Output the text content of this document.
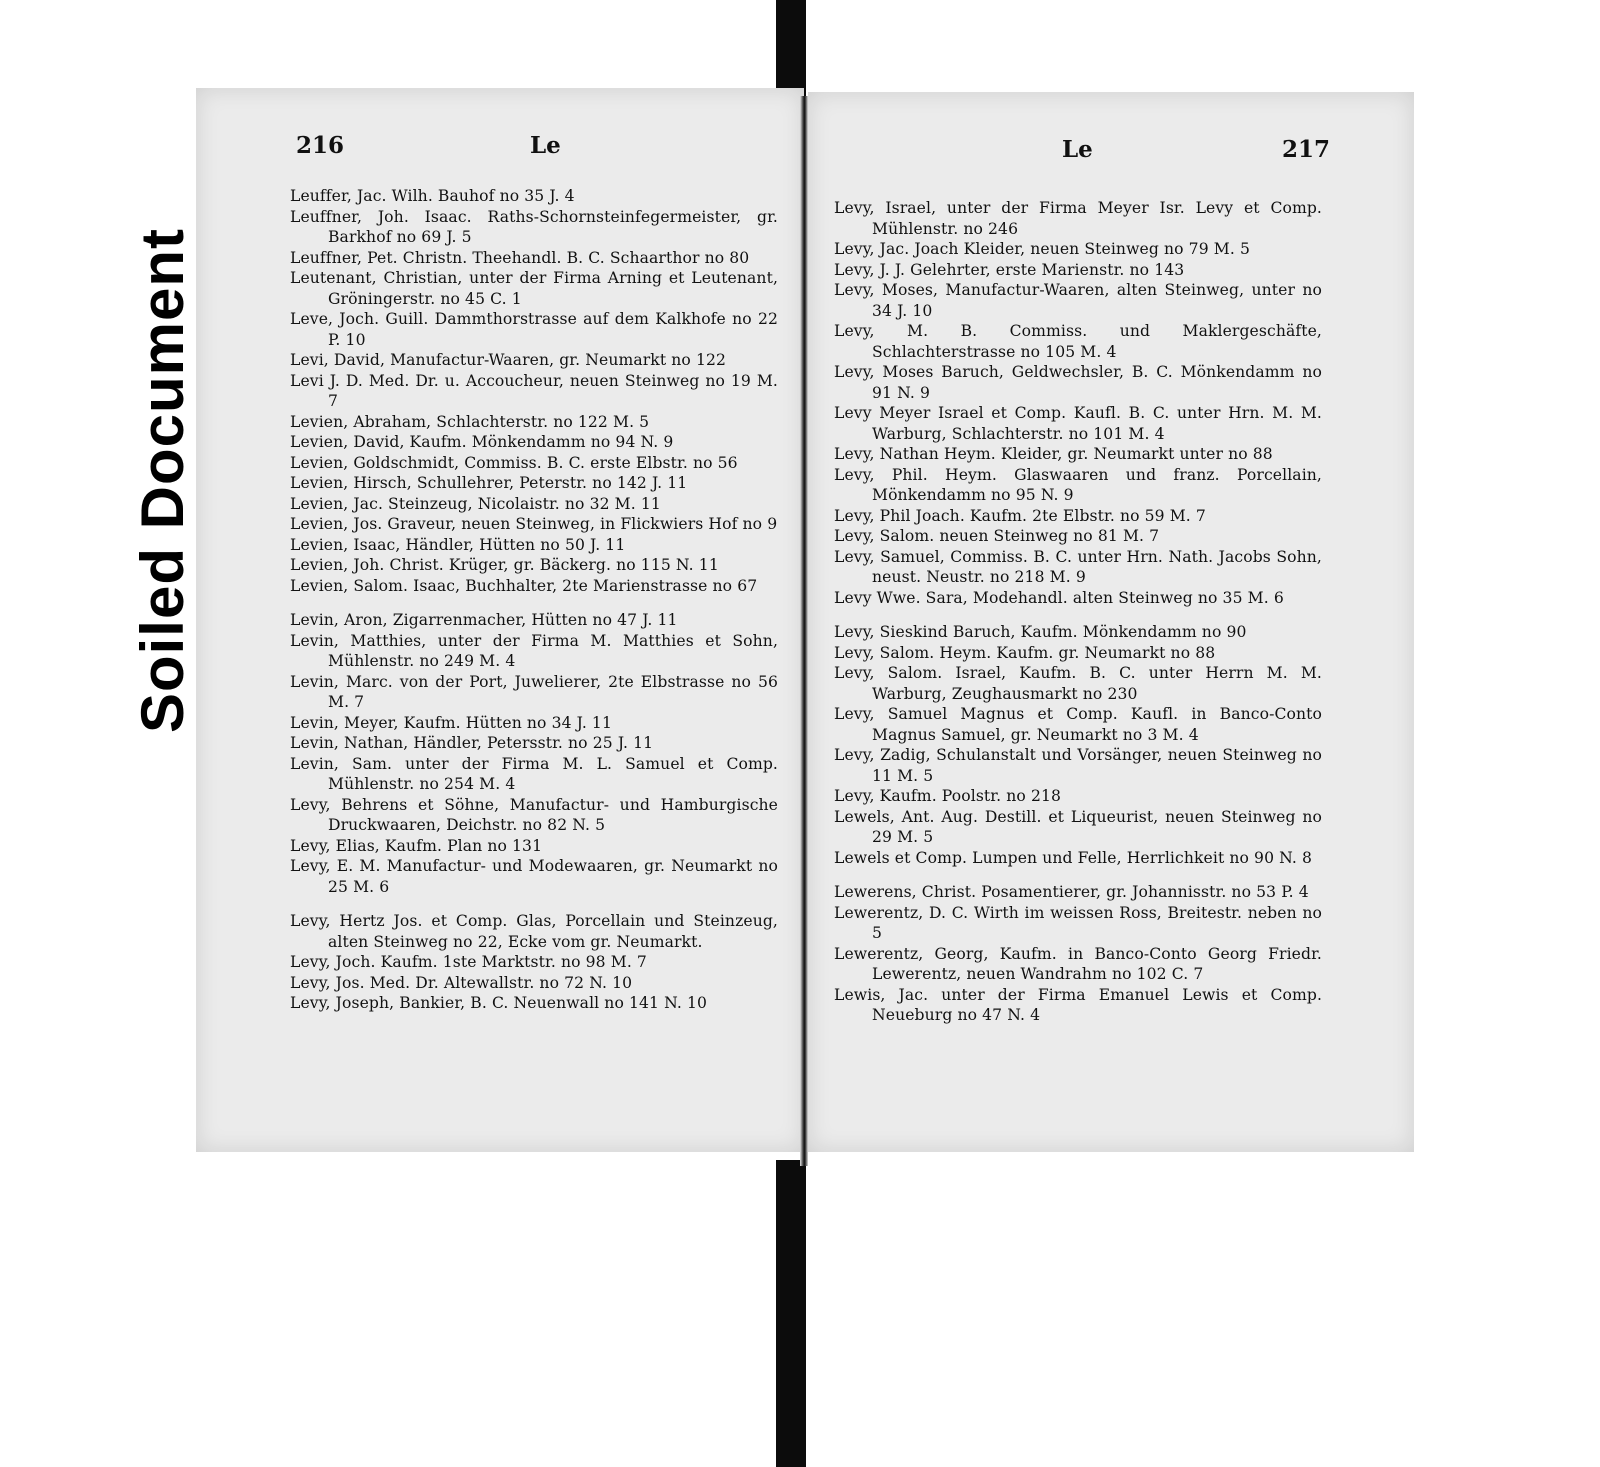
Soiled Document
216	Le

Leuffer, Jac. Wilh. Bauhof no 35 J. 4

Leuffner, Joh. Isaac. Raths-Schornsteinfegermeister, gr. Barkhof no 69 J. 5

Leuffner, Pet. Christn. Theehandl. B. C. Schaarthor no 80

Leutenant, Christian, unter der Firma Arning et Leutenant, Gröningerstr. no 45 C. 1

Leve, Joch. Guill. Dammthorstrasse auf dem Kalkhofe no 22 P. 10

Levi, David, Manufactur-Waaren, gr. Neumarkt no 122

Levi J. D. Med. Dr. u. Accoucheur, neuen Steinweg no 19 M. 7

Levien, Abraham, Schlachterstr. no 122 M. 5

Levien, David, Kaufm. Mönkendamm no 94 N. 9

Levien, Goldschmidt, Commiss. B. C. erste Elbstr. no 56

Levien, Hirsch, Schullehrer, Peterstr. no 142 J. 11

Levien, Jac. Steinzeug, Nicolaistr. no 32 M. 11

Levien, Jos. Graveur, neuen Steinweg, in Flickwiers Hof no 9

Levien, Isaac, Händler, Hütten no 50 J. 11

Levien, Joh. Christ. Krüger, gr. Bäckerg. no 115 N. 11

Levien, Salom. Isaac, Buchhalter, 2te Marienstrasse no 67

Levin, Aron, Zigarrenmacher, Hütten no 47 J. 11

Levin, Matthies, unter der Firma M. Matthies et Sohn, Mühlenstr. no 249 M. 4

Levin, Marc. von der Port, Juwelierer, 2te Elbstrasse no 56 M. 7

Levin, Meyer, Kaufm. Hütten no 34 J. 11

Levin, Nathan, Händler, Petersstr. no 25 J. 11

Levin, Sam. unter der Firma M. L. Samuel et Comp. Mühlenstr. no 254 M. 4

Levy, Behrens et Söhne, Manufactur- und Hamburgische Druckwaaren, Deichstr. no 82 N. 5

Levy, Elias, Kaufm. Plan no 131

Levy, E. M. Manufactur- und Modewaaren, gr. Neumarkt no 25 M. 6

Levy, Hertz Jos. et Comp. Glas, Porcellain und Steinzeug, alten Steinweg no 22, Ecke vom gr. Neumarkt.

Levy, Joch. Kaufm. 1ste Marktstr. no 98 M. 7

Levy, Jos. Med. Dr. Altewallstr. no 72 N. 10

Levy, Joseph, Bankier, B. C. Neuenwall no 141 N. 10

Le	217

Levy, Israel, unter der Firma Meyer Isr. Levy et Comp. Mühlenstr. no 246

Levy, Jac. Joach Kleider, neuen Steinweg no 79 M. 5

Levy, J. J. Gelehrter, erste Marienstr. no 143

Levy, Moses, Manufactur-Waaren, alten Steinweg, unter no 34 J. 10

Levy, M. B. Commiss. und Maklergeschäfte, Schlachterstrasse no 105 M. 4

Levy, Moses Baruch, Geldwechsler, B. C. Mönkendamm no 91 N. 9

Levy Meyer Israel et Comp. Kaufl. B. C. unter Hrn. M. M. Warburg, Schlachterstr. no 101 M. 4

Levy, Nathan Heym. Kleider, gr. Neumarkt unter no 88

Levy, Phil. Heym. Glaswaaren und franz. Porcellain, Mönkendamm no 95 N. 9

Levy, Phil Joach. Kaufm. 2te Elbstr. no 59 M. 7

Levy, Salom. neuen Steinweg no 81 M. 7

Levy, Samuel, Commiss. B. C. unter Hrn. Nath. Jacobs Sohn, neust. Neustr. no 218 M. 9

Levy Wwe. Sara, Modehandl. alten Steinweg no 35 M. 6

Levy, Sieskind Baruch, Kaufm. Mönkendamm no 90

Levy, Salom. Heym. Kaufm. gr. Neumarkt no 88

Levy, Salom. Israel, Kaufm. B. C. unter Herrn M. M. Warburg, Zeughausmarkt no 230

Levy, Samuel Magnus et Comp. Kaufl. in Banco-Conto Magnus Samuel, gr. Neumarkt no 3 M. 4

Levy, Zadig, Schulanstalt und Vorsänger, neuen Steinweg no 11 M. 5

Levy, Kaufm. Poolstr. no 218

Lewels, Ant. Aug. Destill. et Liqueurist, neuen Steinweg no 29 M. 5

Lewels et Comp. Lumpen und Felle, Herrlichkeit no 90 N. 8

Lewerens, Christ. Posamentierer, gr. Johannisstr. no 53 P. 4

Lewerentz, D. C. Wirth im weissen Ross, Breitestr. neben no 5

Lewerentz, Georg, Kaufm. in Banco-Conto Georg Friedr. Lewerentz, neuen Wandrahm no 102 C. 7

Lewis, Jac. unter der Firma Emanuel Lewis et Comp. Neueburg no 47 N. 4
